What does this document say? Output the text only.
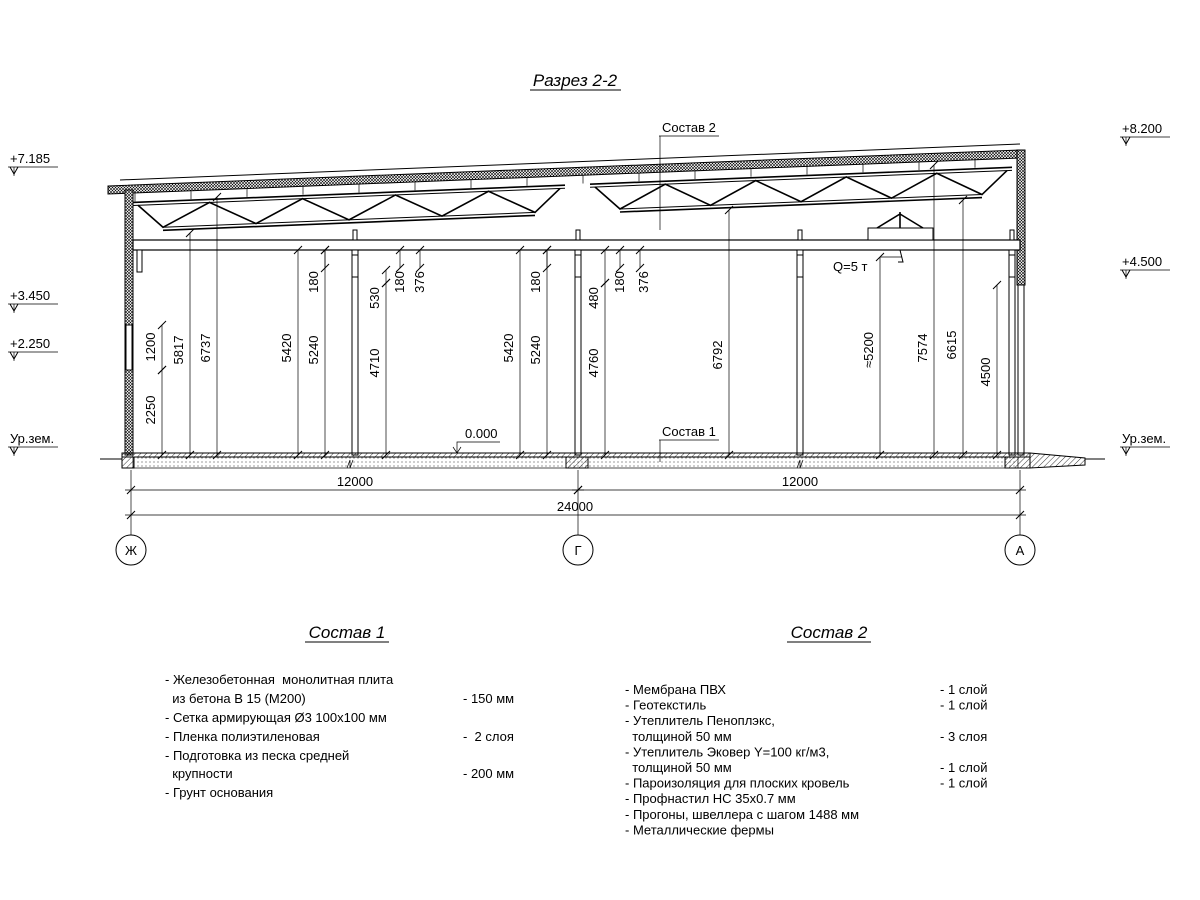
Разрез 2-2
1200
2250
5817 6737	5420 5240
180
530
180 376
4710
5420 5240
180
480
180 376
4760	6792	≈5200	7574 6615
4500
12000	12000
24000
Состав 2
Состав 1
0.000
Q=5 т
+7.185
+3.450
+2.250
Ур.зем.
+8.200
+4.500
Ур.зем.
Ж	Г	А
Состав 1
- Железобетонная  монолитная плита
из бетона В 15 (М200)	- 150 мм
- Сетка армирующая Ø3 100x100 мм
- Пленка полиэтиленовая	-  2 слоя
- Подготовка из песка средней
крупности	- 200 мм
- Грунт основания
Состав 2
- Мембрана ПВХ	- 1 слой
- Геотекстиль	- 1 слой
- Утеплитель Пеноплэкс,
толщиной 50 мм	- 3 слоя
- Утеплитель Эковер Y=100 кг/м3,
толщиной 50 мм	- 1 слой
- Пароизоляция для плоских кровель	- 1 слой
- Профнастил НС 35x0.7 мм
- Прогоны, швеллера с шагом 1488 мм
- Металлические фермы
